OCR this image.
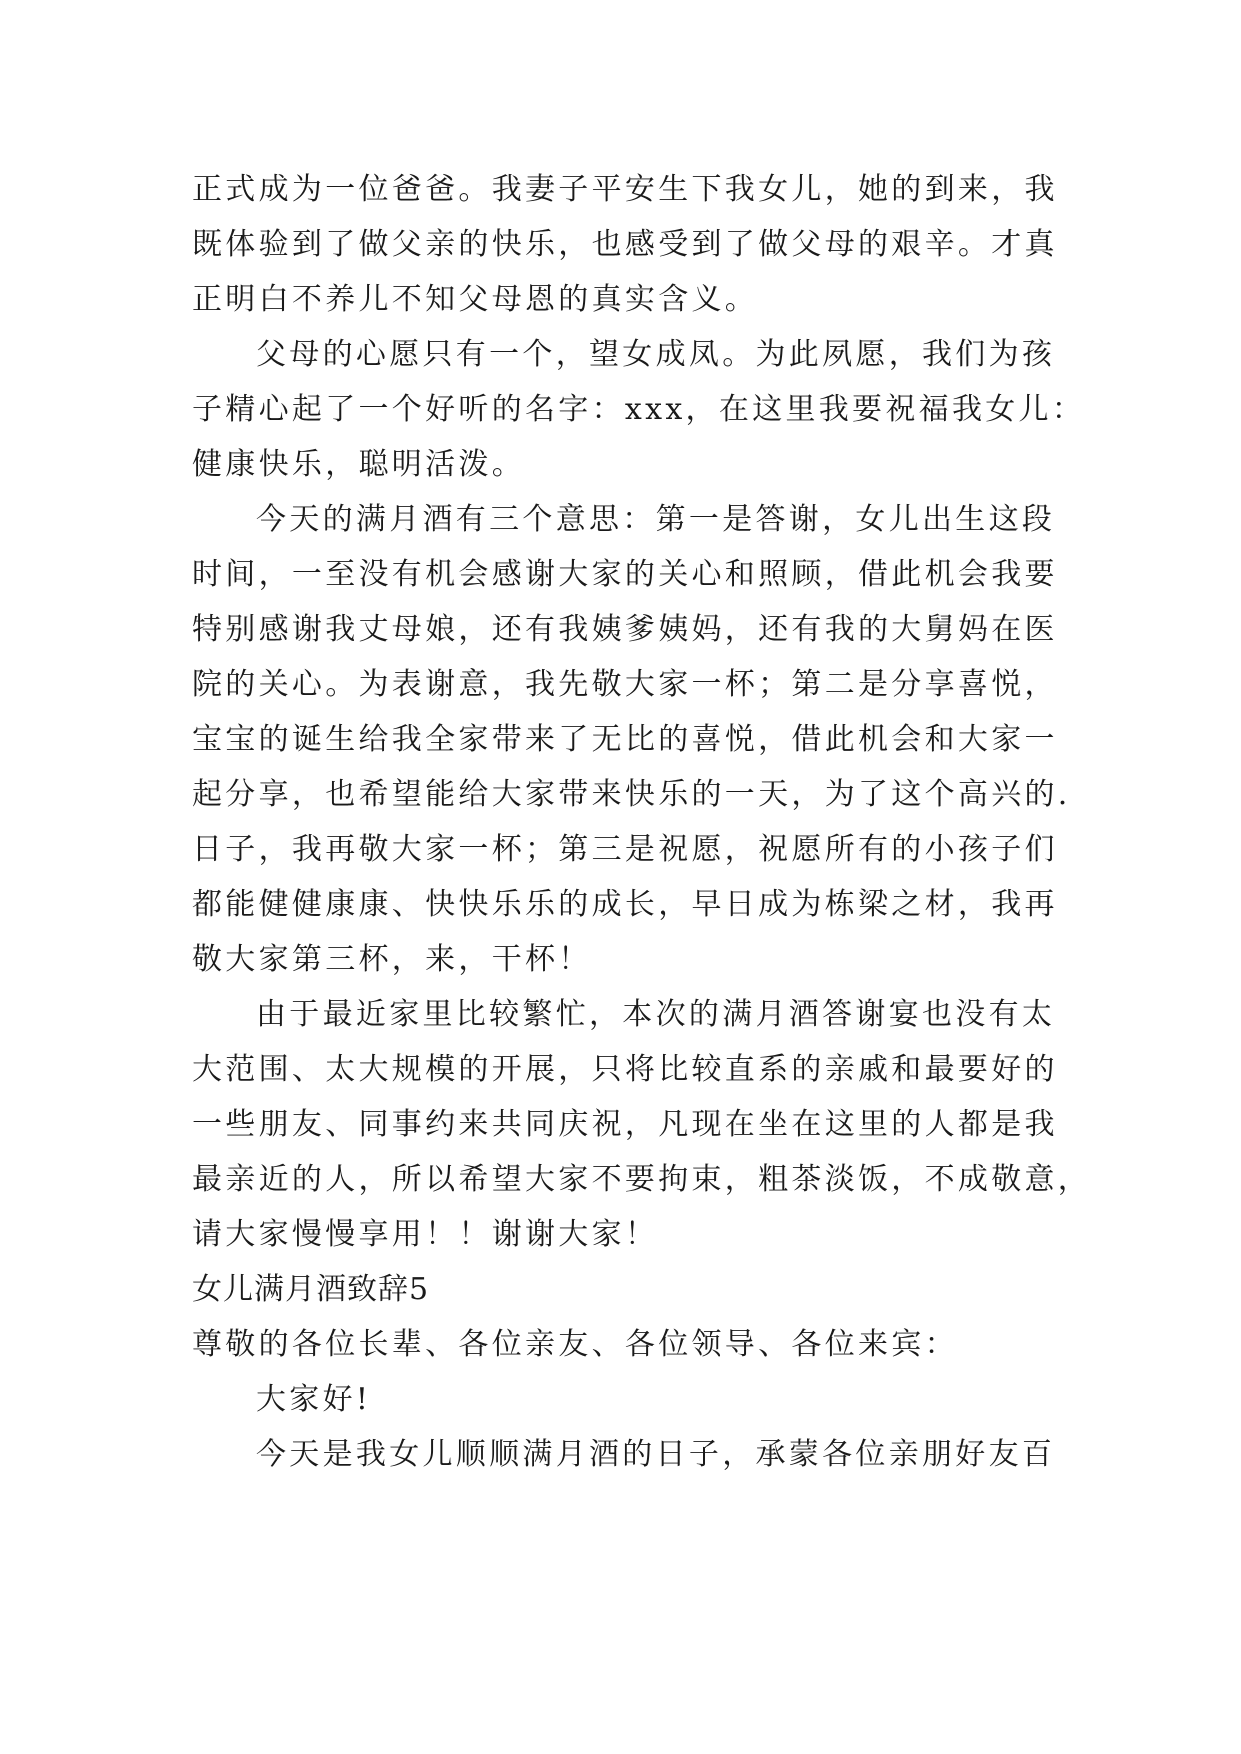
正式成为一位爸爸。我妻子平安生下我女儿，她的到来，我
既体验到了做父亲的快乐，也感受到了做父母的艰辛。才真
正明白不养儿不知父母恩的真实含义。
父母的心愿只有一个，望女成凤。为此夙愿，我们为孩
子精心起了一个好听的名字：xxx，在这里我要祝福我女儿：
健康快乐，聪明活泼。
今天的满月酒有三个意思：第一是答谢，女儿出生这段
时间，一至没有机会感谢大家的关心和照顾，借此机会我要
特别感谢我丈母娘，还有我姨爹姨妈，还有我的大舅妈在医
院的关心。为表谢意，我先敬大家一杯；第二是分享喜悦，
宝宝的诞生给我全家带来了无比的喜悦，借此机会和大家一
起分享，也希望能给大家带来快乐的一天，为了这个高兴的.
日子，我再敬大家一杯；第三是祝愿，祝愿所有的小孩子们
都能健健康康、快快乐乐的成长，早日成为栋梁之材，我再
敬大家第三杯，来，干杯！
由于最近家里比较繁忙，本次的满月酒答谢宴也没有太
大范围、太大规模的开展，只将比较直系的亲戚和最要好的
一些朋友、同事约来共同庆祝，凡现在坐在这里的人都是我
最亲近的人，所以希望大家不要拘束，粗茶淡饭，不成敬意，
请大家慢慢享用！！谢谢大家！
女儿满月酒致辞5
尊敬的各位长辈、各位亲友、各位领导、各位来宾：
大家好!
今天是我女儿顺顺满月酒的日子，承蒙各位亲朋好友百
